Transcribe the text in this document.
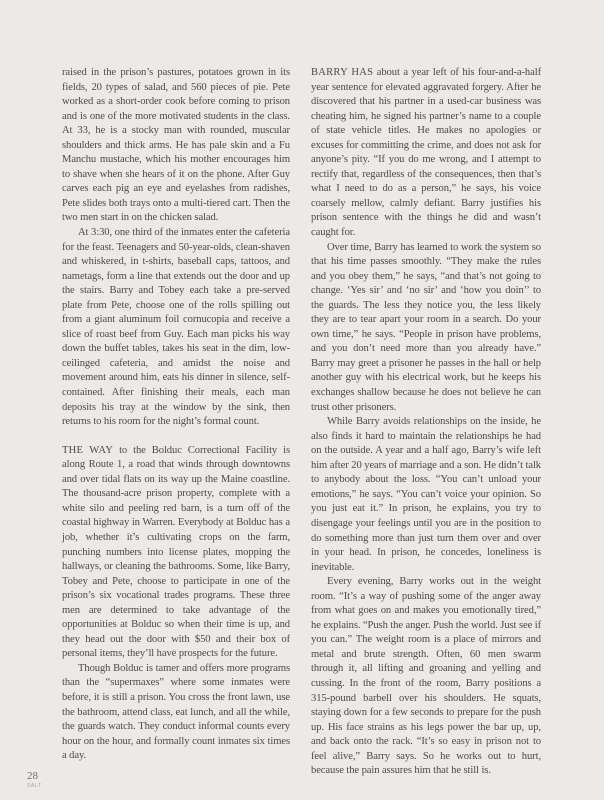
raised in the prison’s pastures, potatoes grown in its fields, 20 types of salad, and 560 pieces of pie. Pete worked as a short-order cook before coming to prison and is one of the more motivated students in the class. At 33, he is a stocky man with rounded, muscular shoulders and thick arms. He has pale skin and a Fu Manchu mustache, which his mother encourages him to shave when she hears of it on the phone. After Guy carves each pig an eye and eyelashes from radishes, Pete slides both trays onto a multi-tiered cart. Then the two men start in on the chicken salad.

At 3:30, one third of the inmates enter the cafeteria for the feast. Teenagers and 50-year-olds, clean-shaven and whiskered, in t-shirts, baseball caps, tattoos, and nametags, form a line that extends out the door and up the stairs. Barry and Tobey each take a pre-served plate from Pete, choose one of the rolls spilling out from a giant aluminum foil cornucopia and receive a slice of roast beef from Guy. Each man picks his way down the buffet tables, takes his seat in the dim, low-ceilinged cafeteria, and amidst the noise and movement around him, eats his dinner in silence, self-contained. After finishing their meals, each man deposits his tray at the window by the sink, then returns to his room for the night’s formal count.

THE WAY to the Bolduc Correctional Facility is along Route 1, a road that winds through downtowns and over tidal flats on its way up the Maine coastline. The thousand-acre prison property, complete with a white silo and peeling red barn, is a turn off of the coastal highway in Warren. Everybody at Bolduc has a job, whether it’s cultivating crops on the farm, punching numbers into license plates, mopping the hallways, or cleaning the bathrooms. Some, like Barry, Tobey and Pete, choose to participate in one of the prison’s six vocational trades programs. These three men are determined to take advantage of the opportunities at Bolduc so when their time is up, and they head out the door with $50 and their box of personal items, they’ll have prospects for the future.

Though Bolduc is tamer and offers more programs than the “supermaxes” where some inmates were before, it is still a prison. You cross the front lawn, use the bathroom, attend class, eat lunch, and all the while, the guards watch. They conduct informal counts every hour on the hour, and formally count inmates six times a day.

BARRY HAS about a year left of his four-and-a-half year sentence for elevated aggravated forgery. After he discovered that his partner in a used-car business was cheating him, he signed his partner’s name to a couple of state vehicle titles. He makes no apologies or excuses for committing the crime, and does not ask for anyone’s pity. “If you do me wrong, and I attempt to rectify that, regardless of the consequences, then that’s what I need to do as a person,” he says, his voice coarsely mellow, calmly defiant. Barry justifies his prison sentence with the things he did and wasn’t caught for.

Over time, Barry has learned to work the system so that his time passes smoothly. “They make the rules and you obey them,” he says, “and that’s not going to change. ‘Yes sir’ and ‘no sir’ and ‘how you doin’’ to the guards. The less they notice you, the less likely they are to tear apart your room in a search. Do your own time,” he says. “People in prison have problems, and you don’t need more than you already have.” Barry may greet a prisoner he passes in the hall or help another guy with his electrical work, but he keeps his exchanges shallow because he does not believe he can trust other prisoners.

While Barry avoids relationships on the inside, he also finds it hard to maintain the relationships he had on the outside. A year and a half ago, Barry’s wife left him after 20 years of marriage and a son. He didn’t talk to anybody about the loss. “You can’t unload your emotions,” he says. “You can’t voice your opinion. So you just eat it.” In prison, he explains, you try to disengage your feelings until you are in the position to do something more than just turn them over and over in your head. In prison, he concedes, loneliness is inevitable.

Every evening, Barry works out in the weight room. “It’s a way of pushing some of the anger away from what goes on and makes you emotionally tired,” he explains. “Push the anger. Push the world. Just see if you can.” The weight room is a place of mirrors and metal and brute strength. Often, 60 men swarm through it, all lifting and groaning and yelling and cussing. In the front of the room, Barry positions a 315-pound barbell over his shoulders. He squats, staying down for a few seconds to prepare for the push up. His face strains as his legs power the bar up, up, and back onto the rack. “It’s so easy in prison not to feel alive,” Barry says. So he works out to hurt, because the pain assures him that he still is.

28
SALT
